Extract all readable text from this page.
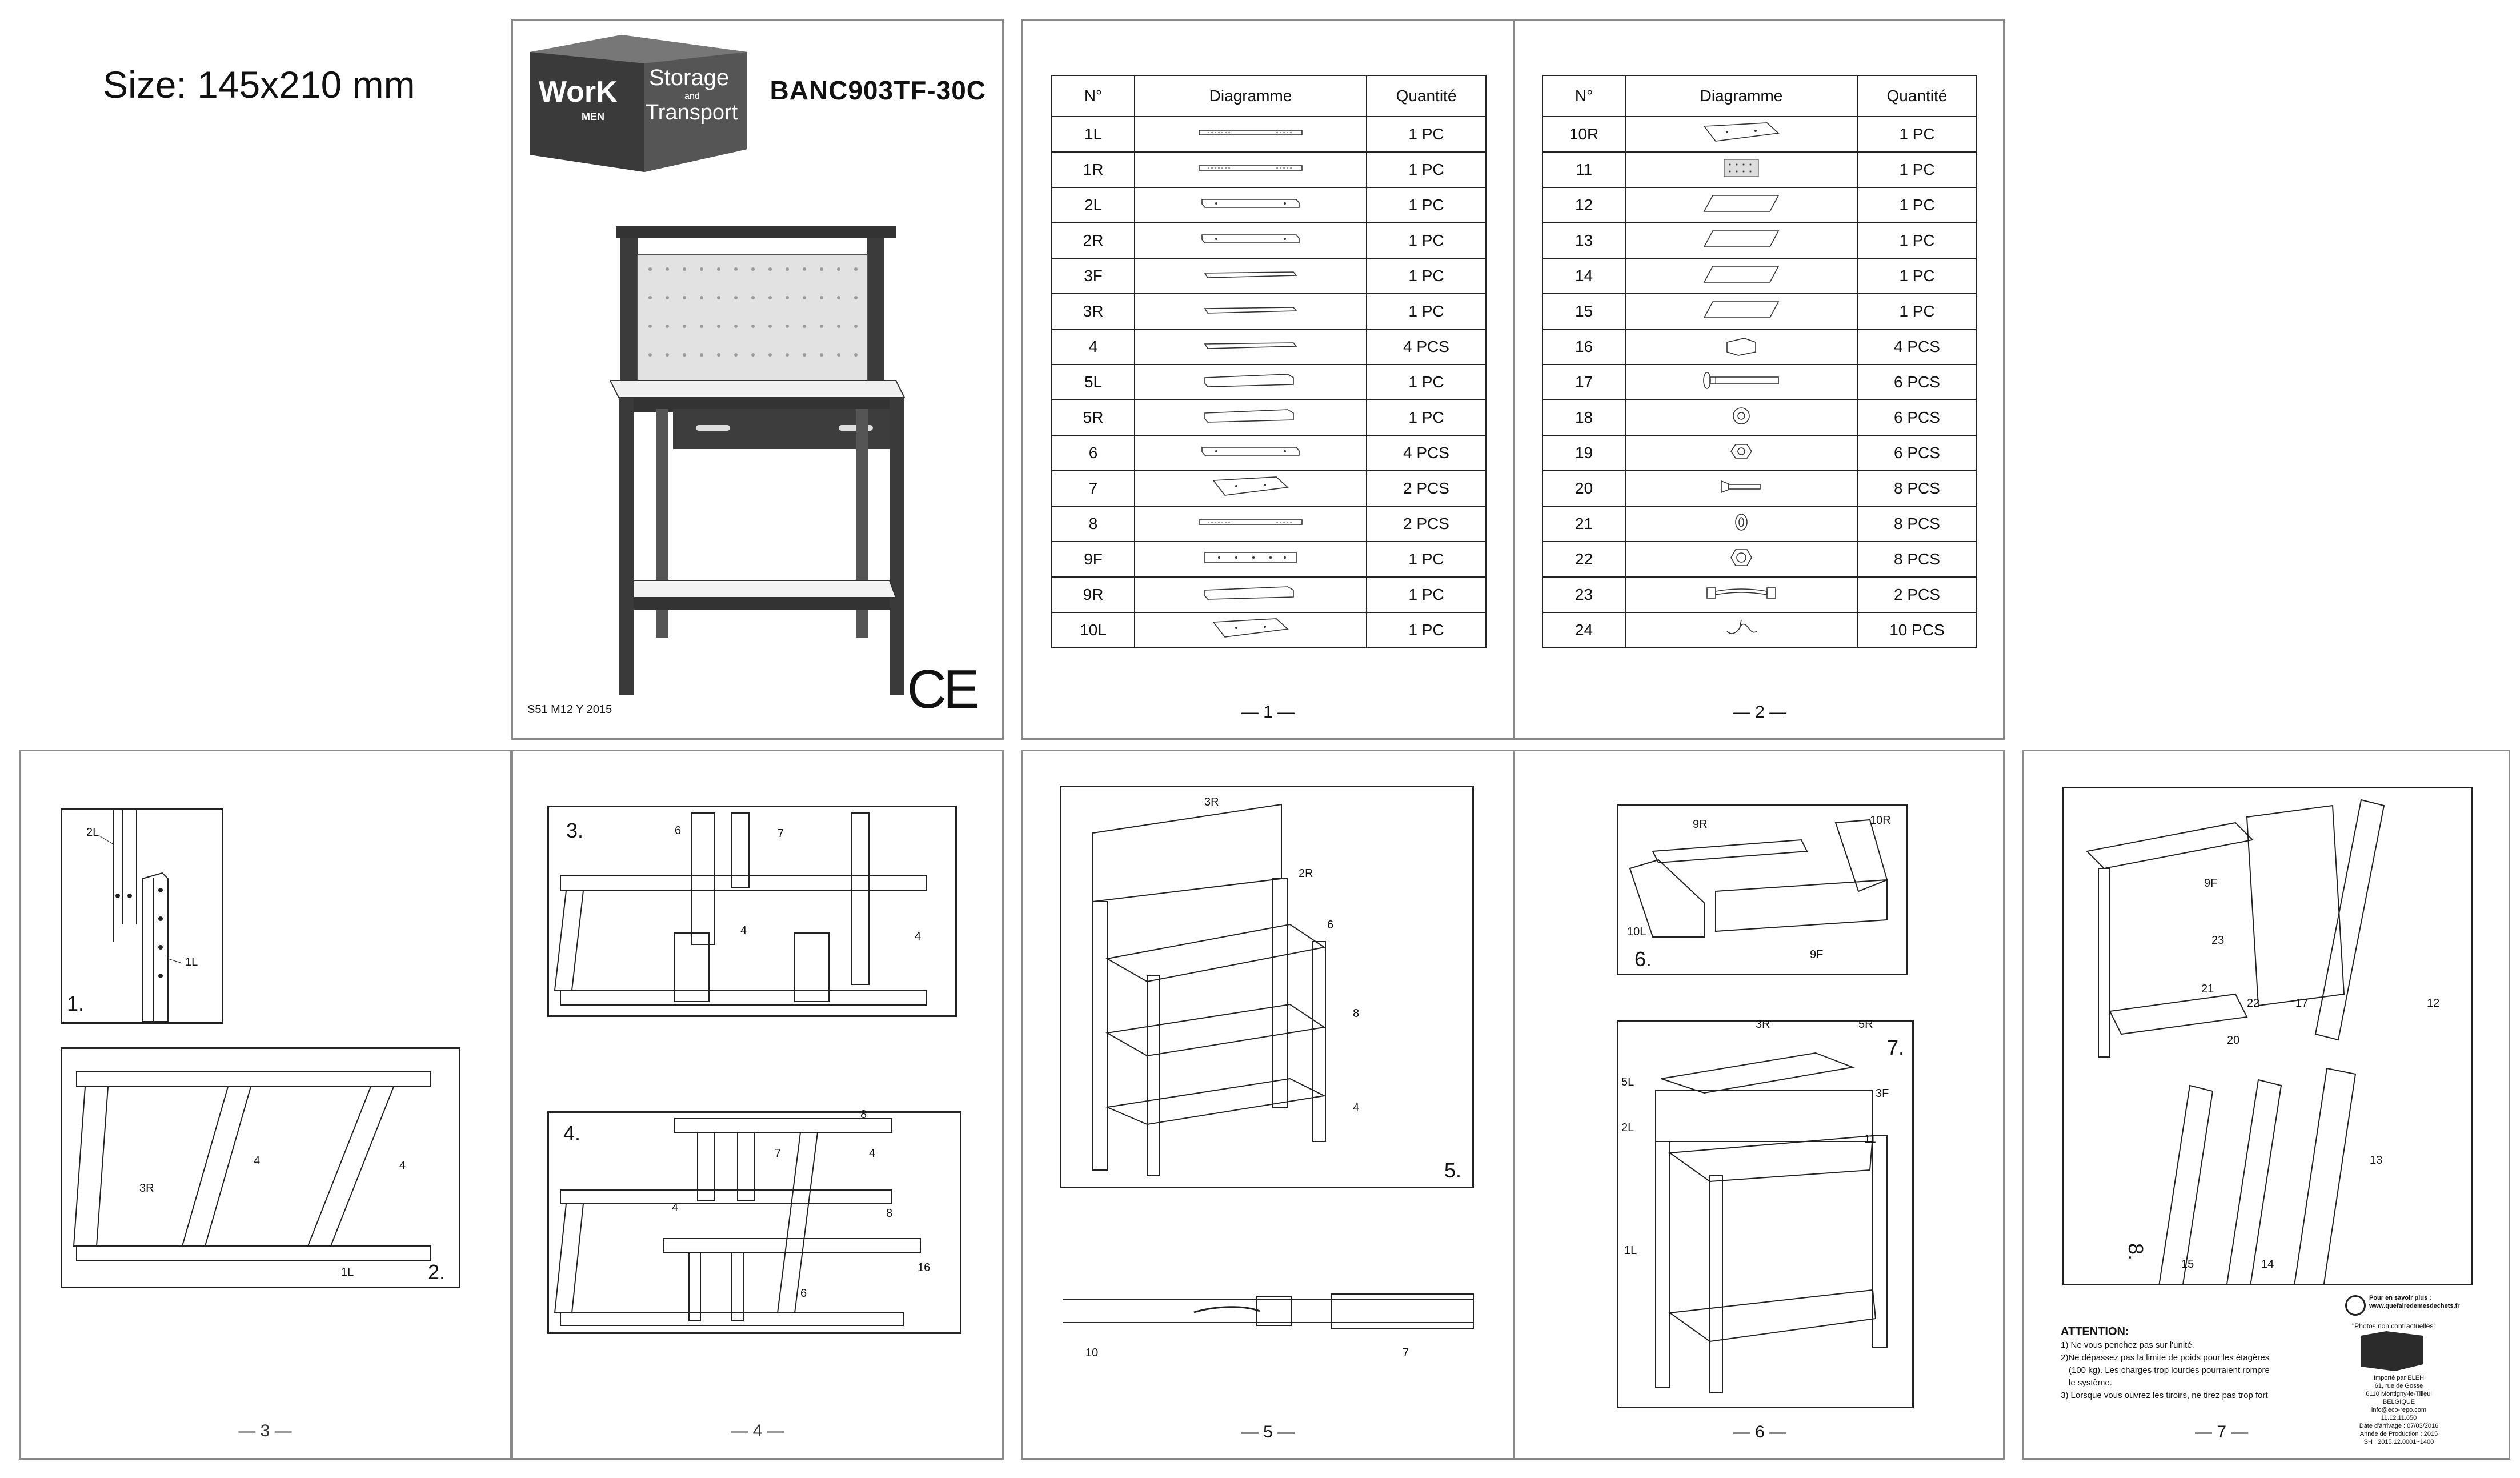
Size: 145x210 mm	WorK
MEN
Storage
and
Transport
BANC903TF-30C
S51 M12 Y 2015	CE
N°	Diagramme	Quantité
1L		1 PC
1R		1 PC
2L		1 PC
2R		1 PC
3F		1 PC
3R		1 PC
4		4 PCS
5L		1 PC
5R		1 PC
6		4 PCS
7		2 PCS
8		2 PCS
9F		1 PC
9R		1 PC
10L		1 PC
N°	Diagramme	Quantité
10R		1 PC
11		1 PC
12		1 PC
13		1 PC
14		1 PC
15		1 PC
16		4 PCS
17		6 PCS
18		6 PCS
19		6 PCS
20		8 PCS
21		8 PCS
22		8 PCS
23		2 PCS
24		10 PCS
— 1 —	— 2 —
2L
1L
1.
3R
4	4
1L	2.
— 3 —
6	7
4	4
3.
8
7
4
4
8
16
6
4.
— 4 —
3R
2R
6
8
4
5.
10	7
9R	10R
10L
9F
6.
3R	5R
5L
3F
2L
11
1L
7.
— 5 —	— 6 —
9F
23
21
22	17
20
12
13
15	14
8.
ATTENTION:
1) Ne vous penchez pas sur l'unité.
2)Ne dépassez pas la limite de poids pour les étagères
(100 kg). Les charges trop lourdes pourraient rompre
le système.
3) Lorsque vous ouvrez les tiroirs, ne tirez pas trop fort
Pour en savoir plus :
www.quefairedemesdechets.fr
"Photos non contractuelles"
Importé par ELEH
61, rue de Gosse
6110 Montigny-le-Tilleul
BELGIQUE
info@eco-repo.com
11.12.11.650
Date d'arrivage : 07/03/2016
Année de Production : 2015
SH : 2015.12.0001~1400
— 7 —
